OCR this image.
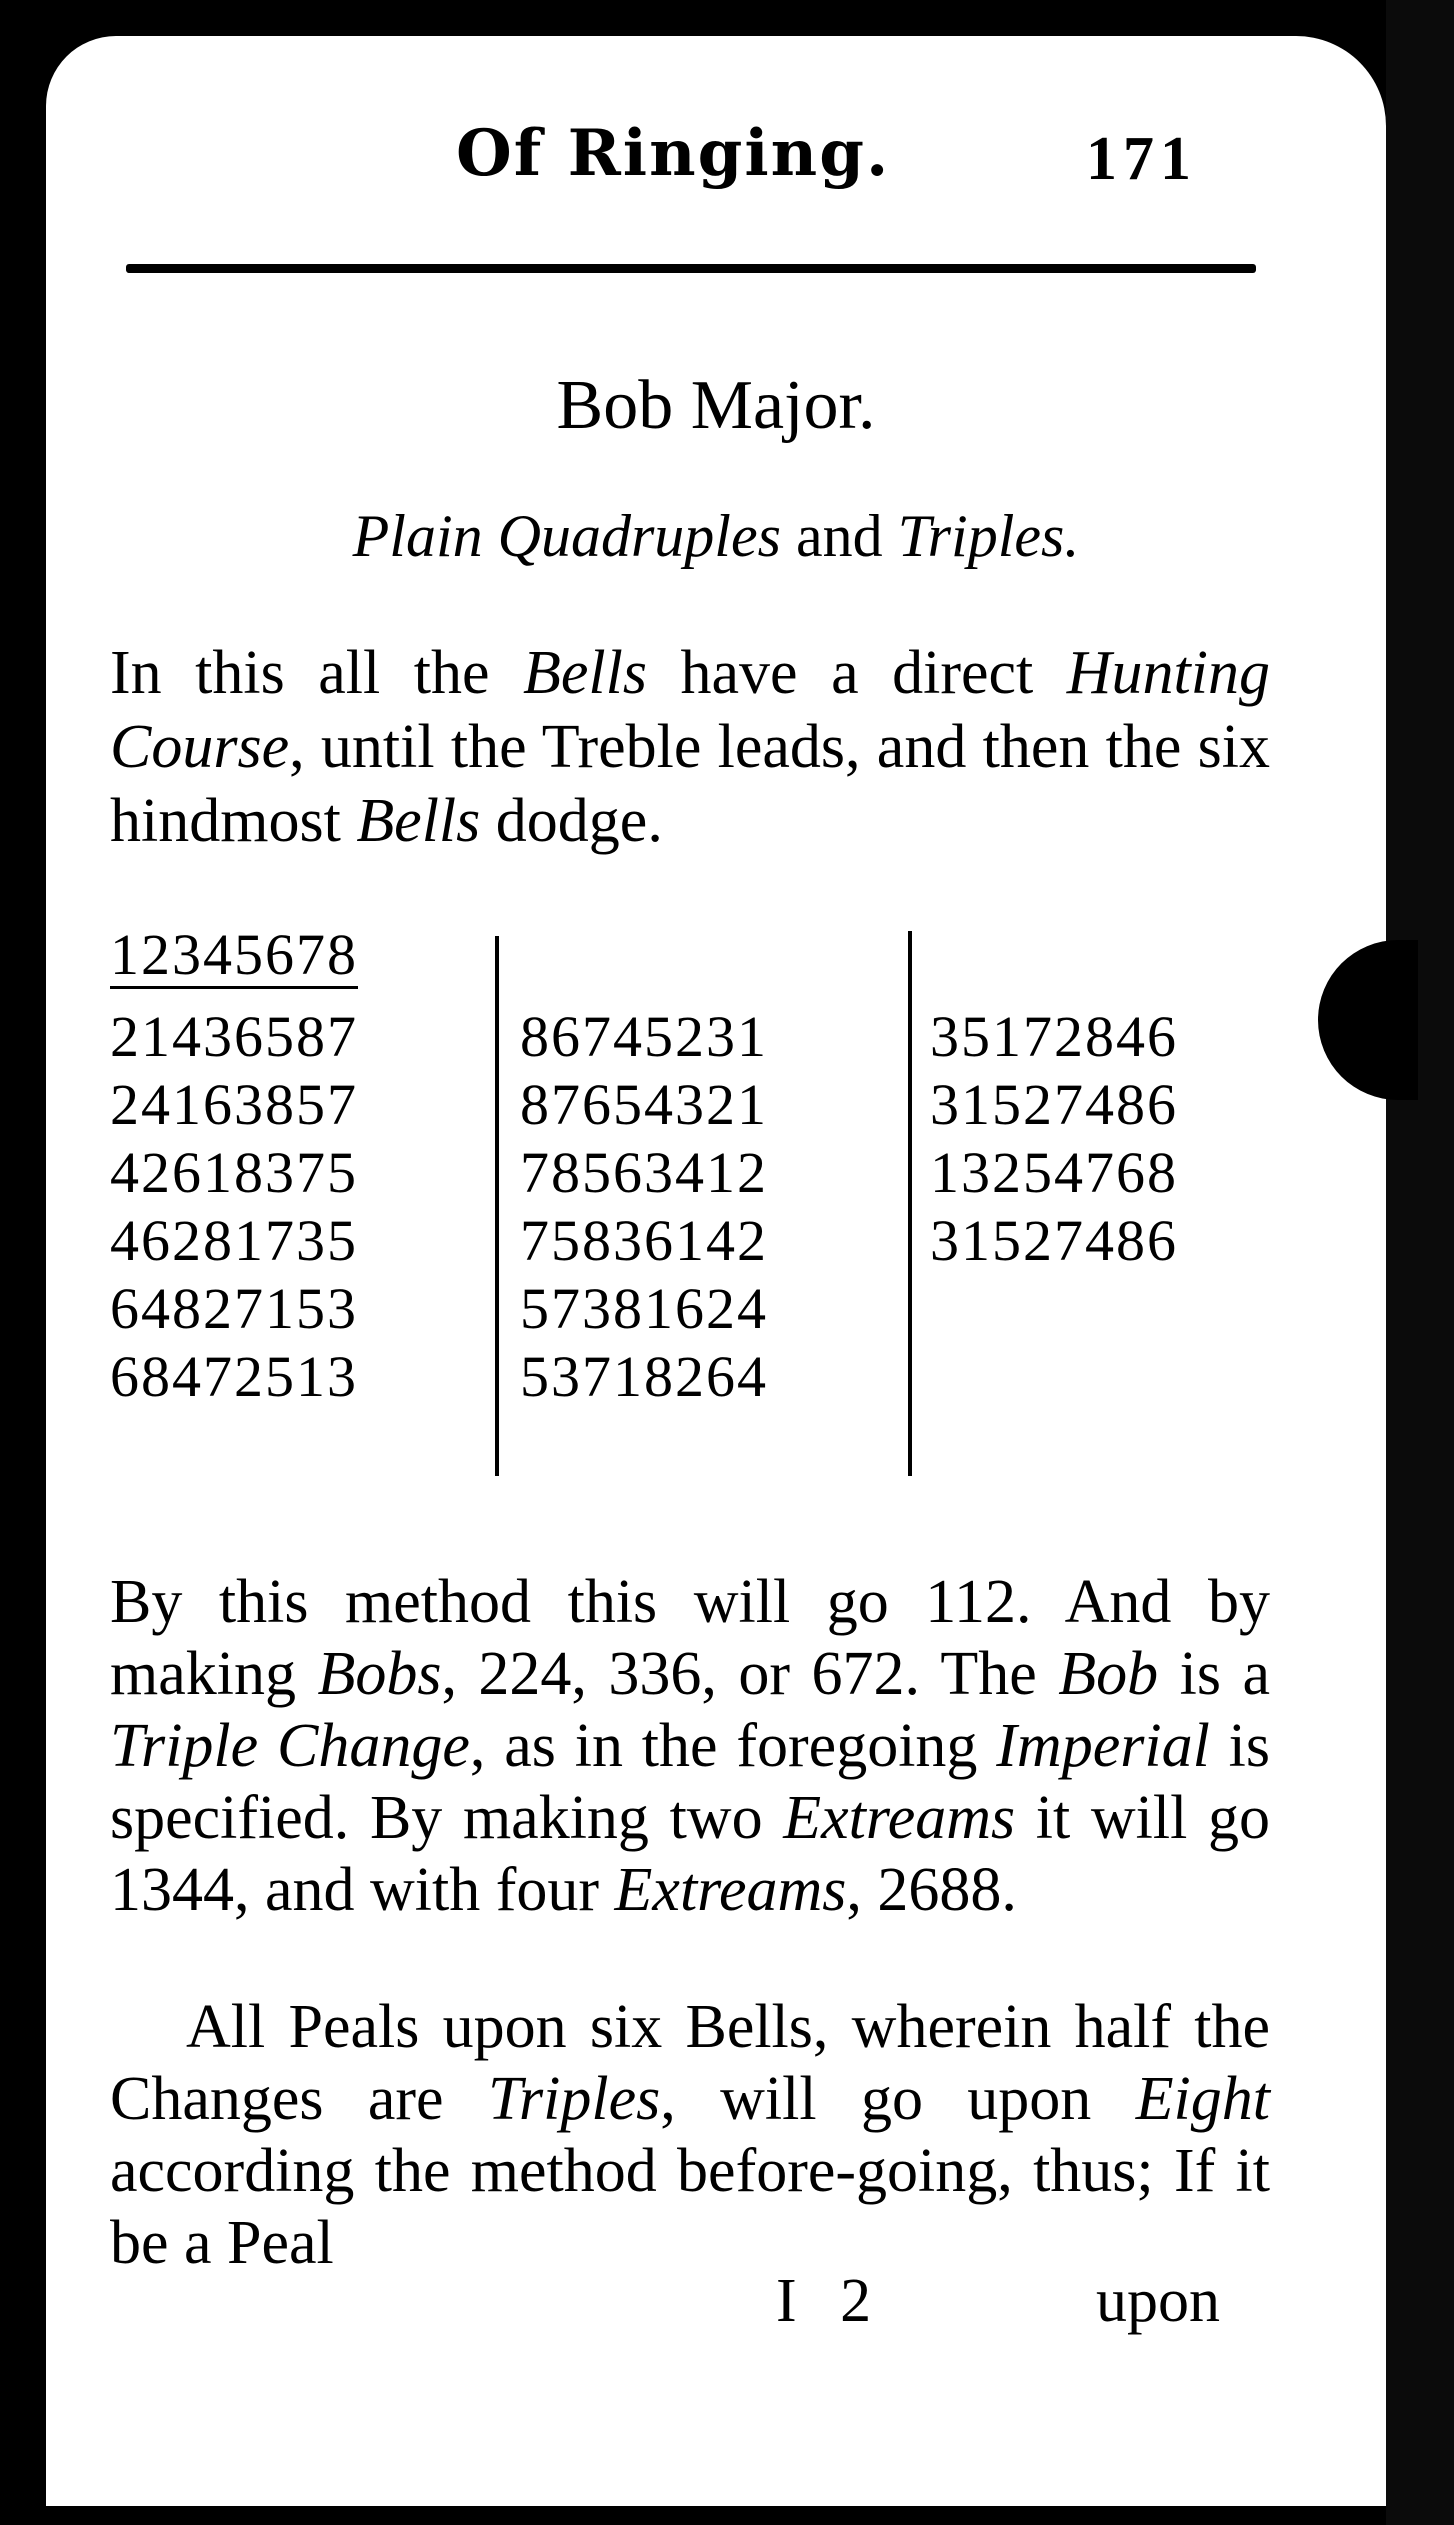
Of Ringing.	171
Bob Major.
Plain Quadruples and Triples.
In this all the Bells have a direct Hunting Course, until the Treble leads, and then the six hindmost Bells dodge.
12345678
21436587
24163857
42618375
46281735
64827153
68472513
86745231
87654321
78563412
75836142
57381624
53718264
35172846
31527486
13254768
31527486
By this method this will go 112. And by making Bobs, 224, 336, or 672. The Bob is a Triple Change, as in the foregoing Imperial is specified. By making two Extreams it will go 1344, and with four Extreams, 2688.
All Peals upon six Bells, wherein half the Changes are Triples, will go upon Eight according the method before-going, thus; If it be a Peal
I 2	upon
